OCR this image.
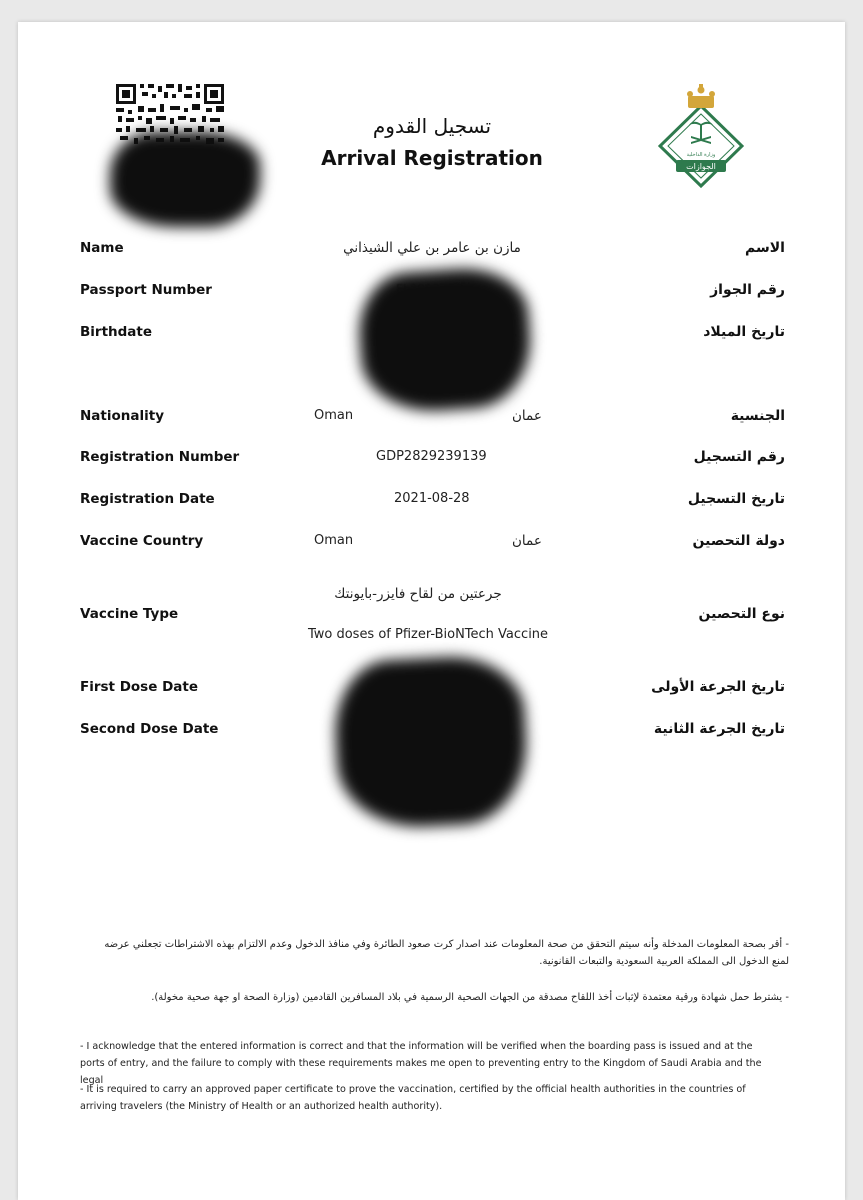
تسجيل القدوم
Arrival Registration	وزارة الداخلية
الجوازات
Name	مازن بن عامر بن علي الشيذاني	الاسم
Passport Number	رقم الجواز
Birthdate	تاريخ الميلاد
Nationality	Oman	عمان	الجنسية
Registration Number	GDP2829239139	رقم التسجيل
Registration Date	2021-08-28	تاريخ التسجيل
Vaccine Country	Oman	عمان	دولة التحصين
جرعتين من لقاح فايزر-بايونتك
Vaccine Type	نوع التحصين
Two doses of Pfizer-BioNTech Vaccine
First Dose Date	تاريخ الجرعة الأولى
Second Dose Date	تاريخ الجرعة الثانية
- أقر بصحة المعلومات المدخلة وأنه سيتم التحقق من صحة المعلومات عند اصدار كرت صعود الطائرة وفي منافذ الدخول وعدم الالتزام بهذه الاشتراطات تجعلني عرضه لمنع الدخول الى المملكة العربية السعودية والتبعات القانونية.
- يشترط حمل شهادة ورقية معتمدة لإثبات أخذ اللقاح مصدقة من الجهات الصحية الرسمية في بلاد المسافرين القادمين (وزارة الصحة او جهة صحية مخولة).
- I acknowledge that the entered information is correct and that the information will be verified when the boarding pass is issued and at the ports of entry, and the failure to comply with these requirements makes me open to preventing entry to the Kingdom of Saudi Arabia and the legal
- It is required to carry an approved paper certificate to prove the vaccination, certified by the official health authorities in the countries of arriving travelers (the Ministry of Health or an authorized health authority).
